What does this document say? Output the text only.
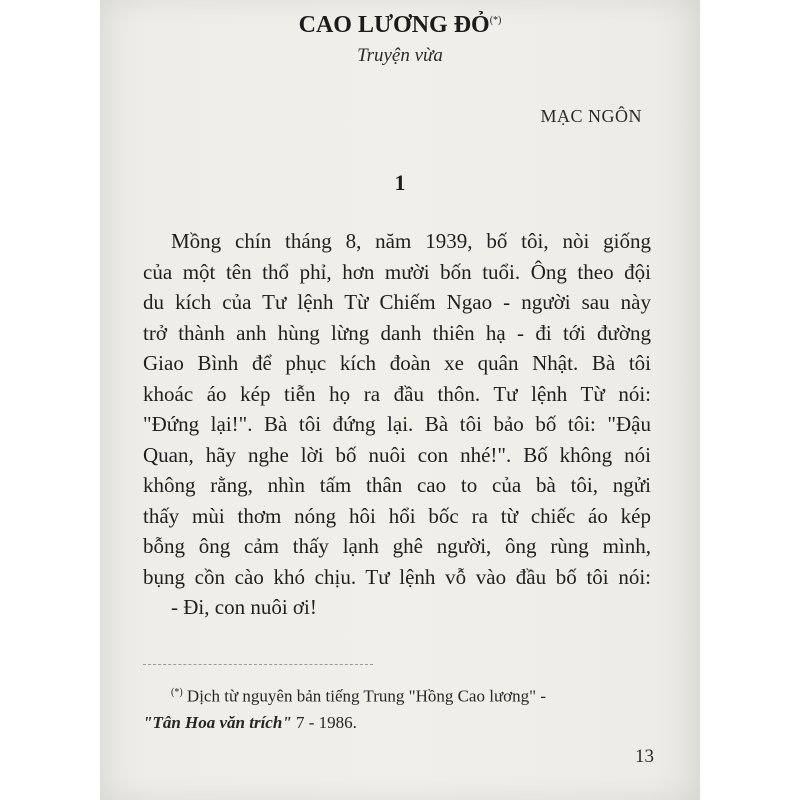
CAO LƯƠNG ĐỎ(*)
Truyện vừa
MẠC NGÔN
1
Mồng chín tháng 8, năm 1939, bố tôi, nòi giống
của một tên thổ phỉ, hơn mười bốn tuổi. Ông theo đội
du kích của Tư lệnh Từ Chiếm Ngao - người sau này
trở thành anh hùng lừng danh thiên hạ - đi tới đường
Giao Bình để phục kích đoàn xe quân Nhật. Bà tôi
khoác áo kép tiễn họ ra đầu thôn. Tư lệnh Từ nói:
"Đứng lại!". Bà tôi đứng lại. Bà tôi bảo bố tôi: "Đậu
Quan, hãy nghe lời bố nuôi con nhé!". Bố không nói
không rằng, nhìn tấm thân cao to của bà tôi, ngửi
thấy mùi thơm nóng hôi hổi bốc ra từ chiếc áo kép
bỗng ông cảm thấy lạnh ghê người, ông rùng mình,
bụng cồn cào khó chịu. Tư lệnh vỗ vào đầu bố tôi nói:
- Đi, con nuôi ơi!
(*) Dịch từ nguyên bản tiếng Trung "Hồng Cao lương" -
"Tân Hoa văn trích" 7 - 1986.
13
